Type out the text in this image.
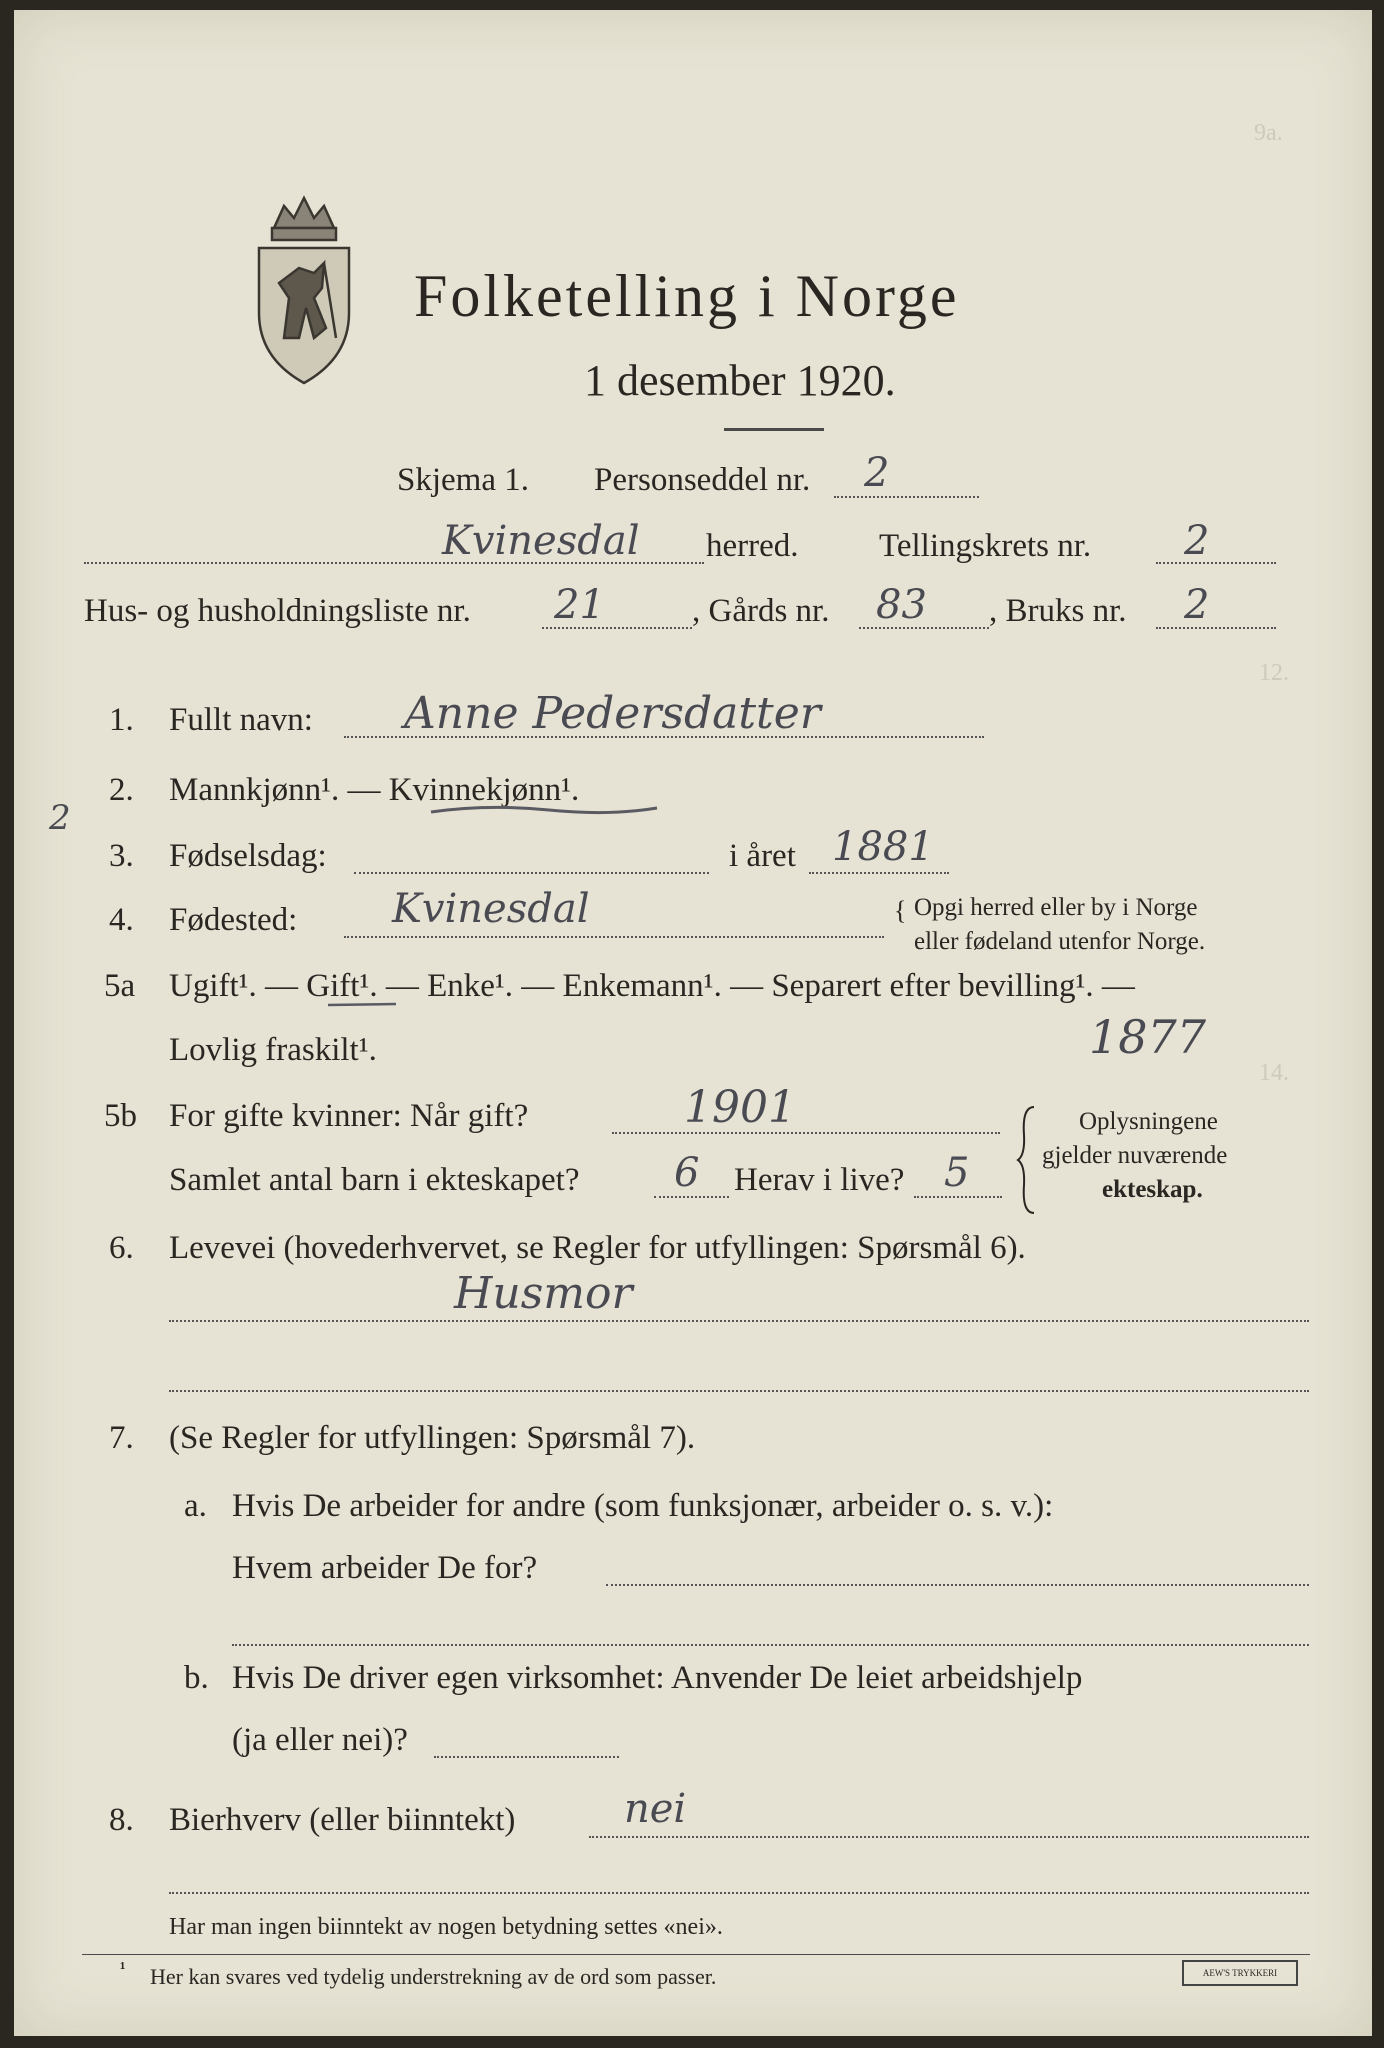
9a.
12.
14.
Folketelling i Norge
1 desember 1920.
Skjema 1. Personseddel nr. 2
Kvinesdal herred. Tellingskrets nr. 2
Hus- og husholdningsliste nr. 21	, Gårds nr. 83 , Bruks nr. 2
1. Fullt navn: Anne Pedersdatter
2. Mannkjønn¹. — Kvinnekjønn¹.
2
3. Fødselsdag:	i året 1881
4. Fødested: Kvinesdal	{ Opgi herred eller by i Norge
eller fødeland utenfor Norge.
5a Ugift¹. — Gift¹. — Enke¹. — Enkemann¹. — Separert efter bevilling¹. —
Lovlig fraskilt¹.	1877
5b For gifte kvinner: Når gift?	1901
Samlet antal barn i ekteskapet? 6 Herav i live? 5
Oplysningene
gjelder nuværende
ekteskap.
6. Levevei (hovederhvervet, se Regler for utfyllingen: Spørsmål 6).
Husmor
7. (Se Regler for utfyllingen: Spørsmål 7).
a. Hvis De arbeider for andre (som funksjonær, arbeider o. s. v.):
Hvem arbeider De for?
b. Hvis De driver egen virksomhet: Anvender De leiet arbeidshjelp
(ja eller nei)?
8. Bierhverv (eller biinntekt)	nei
Har man ingen biinntekt av nogen betydning settes «nei».
¹ Her kan svares ved tydelig understrekning av de ord som passer.	AEW'S TRYKKERI
